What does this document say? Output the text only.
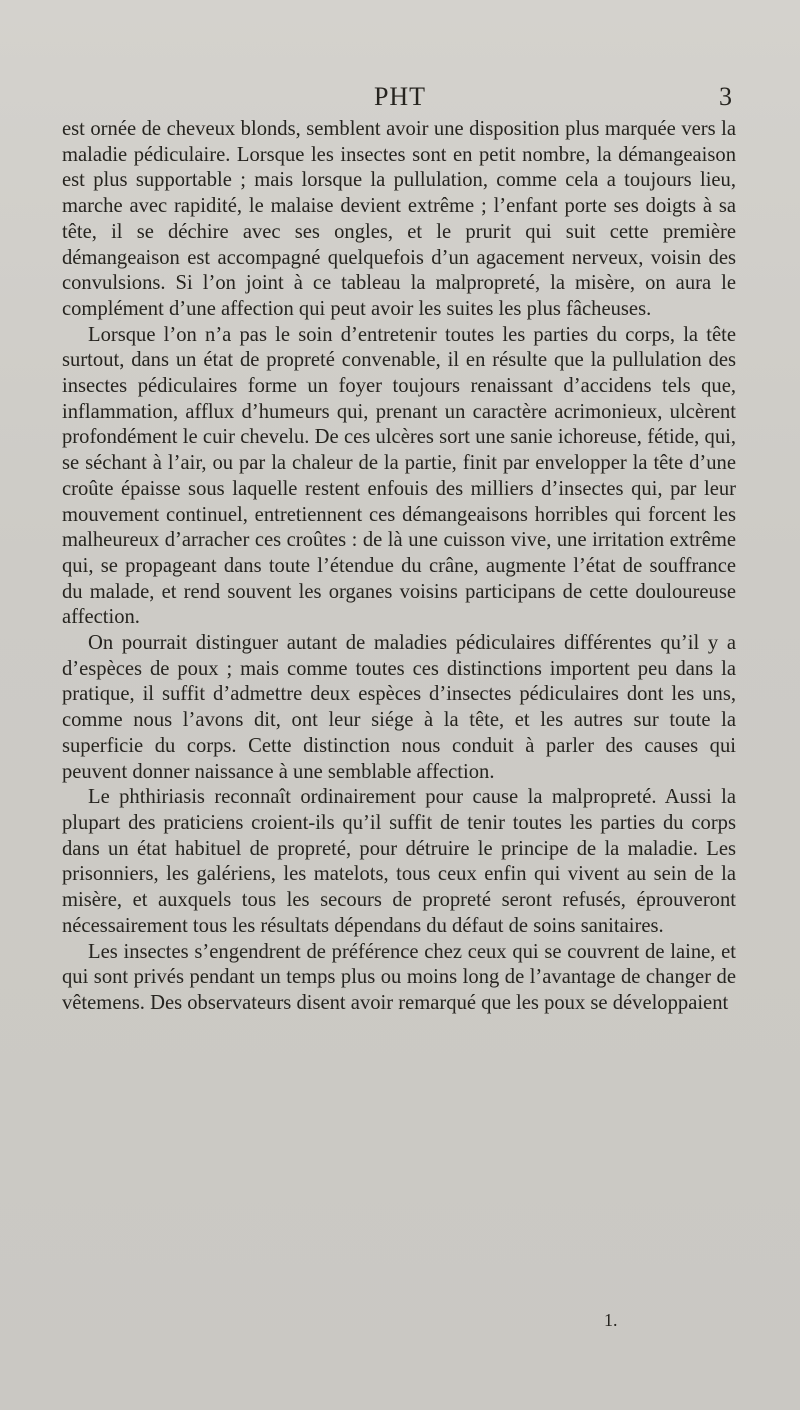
PHT	3

est ornée de cheveux blonds, semblent avoir une disposition plus marquée vers la maladie pédiculaire. Lorsque les insectes sont en petit nombre, la démangeaison est plus supportable ; mais lorsque la pullulation, comme cela a toujours lieu, marche avec rapidité, le malaise devient extrême ; l’enfant porte ses doigts à sa tête, il se déchire avec ses ongles, et le prurit qui suit cette première démangeaison est accompagné quelquefois d’un agacement nerveux, voisin des convulsions. Si l’on joint à ce tableau la malpropreté, la misère, on aura le complément d’une affection qui peut avoir les suites les plus fâcheuses.

Lorsque l’on n’a pas le soin d’entretenir toutes les parties du corps, la tête surtout, dans un état de propreté convenable, il en résulte que la pullulation des insectes pédiculaires forme un foyer toujours renaissant d’accidens tels que, inflammation, afflux d’humeurs qui, prenant un caractère acrimonieux, ulcèrent profondément le cuir chevelu. De ces ulcères sort une sanie ichoreuse, fétide, qui, se séchant à l’air, ou par la chaleur de la partie, finit par envelopper la tête d’une croûte épaisse sous laquelle restent enfouis des milliers d’insectes qui, par leur mouvement continuel, entretiennent ces démangeaisons horribles qui forcent les malheureux d’arracher ces croûtes : de là une cuisson vive, une irritation extrême qui, se propageant dans toute l’étendue du crâne, augmente l’état de souffrance du malade, et rend souvent les organes voisins participans de cette douloureuse affection.

On pourrait distinguer autant de maladies pédiculaires différentes qu’il y a d’espèces de poux ; mais comme toutes ces distinctions importent peu dans la pratique, il suffit d’admettre deux espèces d’insectes pédiculaires dont les uns, comme nous l’avons dit, ont leur siége à la tête, et les autres sur toute la superficie du corps. Cette distinction nous conduit à parler des causes qui peuvent donner naissance à une semblable affection.

Le phthiriasis reconnaît ordinairement pour cause la malpropreté. Aussi la plupart des praticiens croient-ils qu’il suffit de tenir toutes les parties du corps dans un état habituel de propreté, pour détruire le principe de la maladie. Les prisonniers, les galériens, les matelots, tous ceux enfin qui vivent au sein de la misère, et auxquels tous les secours de propreté seront refusés, éprouveront nécessairement tous les résultats dépendans du défaut de soins sanitaires.

Les insectes s’engendrent de préférence chez ceux qui se couvrent de laine, et qui sont privés pendant un temps plus ou moins long de l’avantage de changer de vêtemens. Des observateurs disent avoir remarqué que les poux se développaient

1.
